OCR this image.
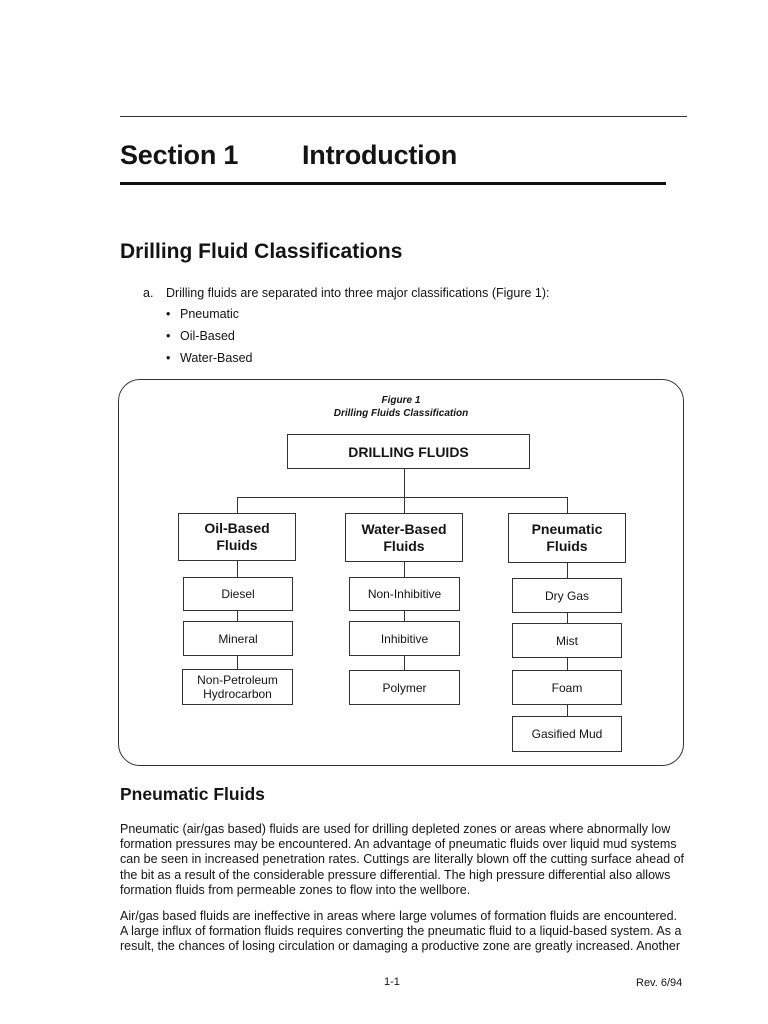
Section 1 Introduction
Drilling Fluid Classifications
a. Drilling fluids are separated into three major classifications (Figure 1):
• Pneumatic
• Oil-Based
• Water-Based
Figure 1
Drilling Fluids Classification
DRILLING FLUIDS
Oil-Based
Fluids
Water-Based
Fluids
Pneumatic
Fluids
Diesel
Mineral
Non-Petroleum
Hydrocarbon
Non-Inhibitive
Inhibitive
Polymer
Dry Gas
Mist
Foam
Gasified Mud
Pneumatic Fluids
Pneumatic (air/gas based) fluids are used for drilling depleted zones or areas where abnormally low formation pressures may be encountered. An advantage of pneumatic fluids over liquid mud systems can be seen in increased penetration rates. Cuttings are literally blown off the cutting surface ahead of the bit as a result of the considerable pressure differential. The high pressure differential also allows formation fluids from permeable zones to flow into the wellbore.
Air/gas based fluids are ineffective in areas where large volumes of formation fluids are encountered. A large influx of formation fluids requires converting the pneumatic fluid to a liquid-based system. As a result, the chances of losing circulation or damaging a productive zone are greatly increased. Another
1-1	Rev. 6/94
